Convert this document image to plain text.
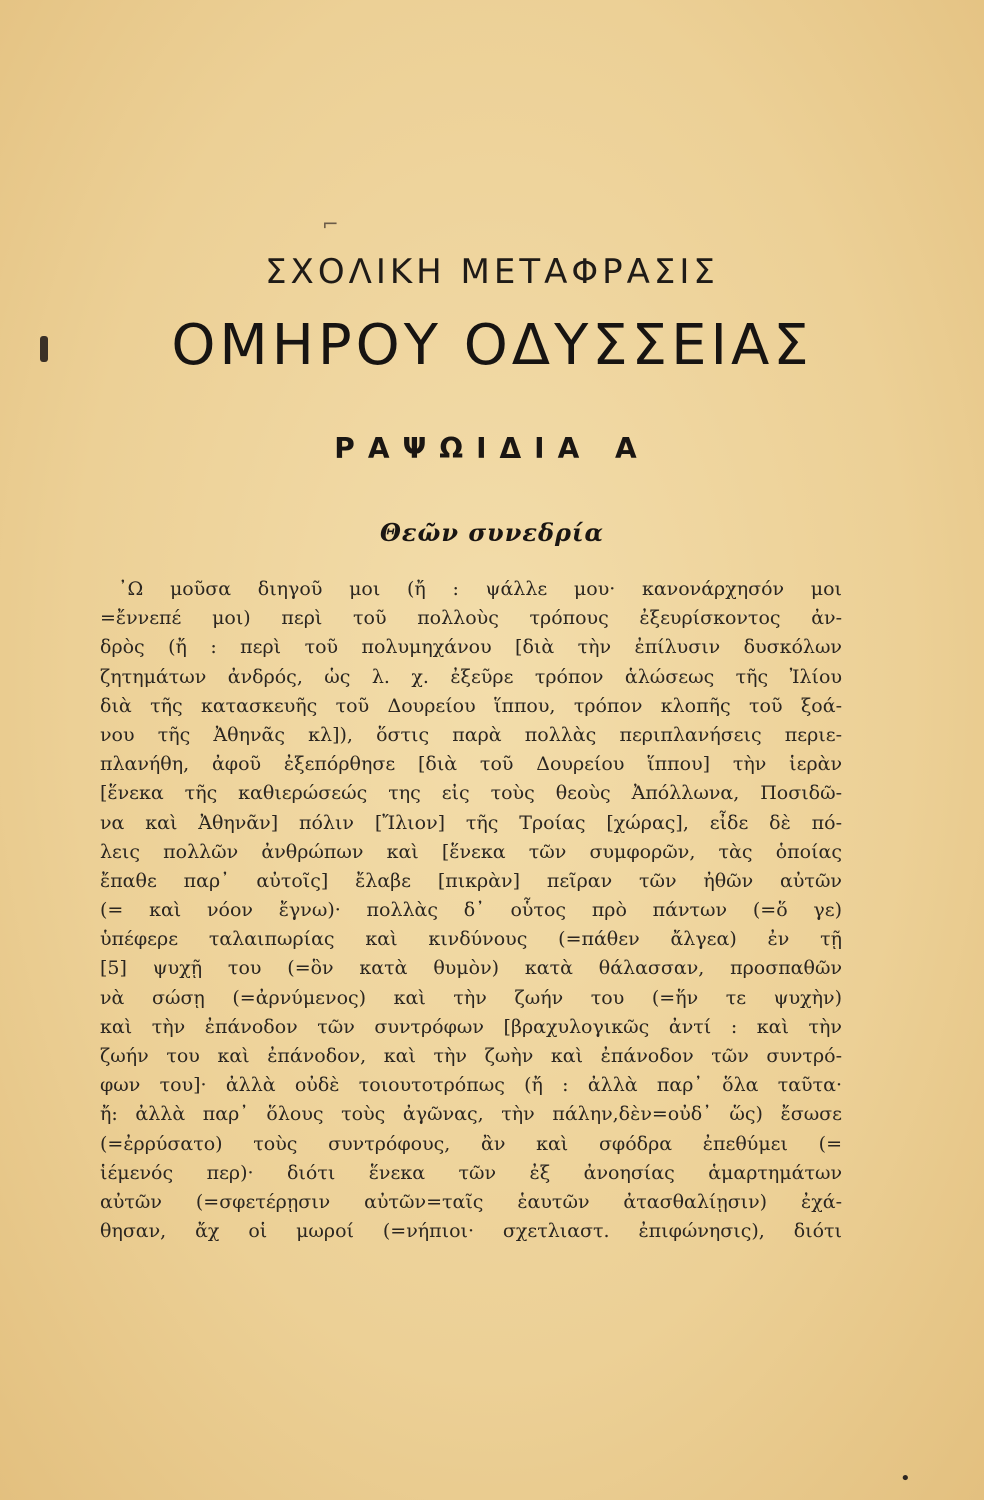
⌐
ΣΧΟΛΙΚΗ ΜΕΤΑΦΡΑΣΙΣ
ΟΜΗΡΟΥ ΟΔΥΣΣΕΙΑΣ
ΡΑΨΩΙΔΙΑ Α
Θεῶν συνεδρία
᾿Ω μοῦσα διηγοῦ μοι (ἤ : ψάλλε μου· κανονάρχησόν μοι
=ἔννεπέ μοι) περὶ τοῦ πολλοὺς τρόπους ἐξευρίσκοντος ἀν-
δρὸς (ἤ : περὶ τοῦ πολυμηχάνου [διὰ τὴν ἐπίλυσιν δυσκόλων
ζητημάτων ἀνδρός, ὡς λ. χ. ἐξεῦρε τρόπον ἁλώσεως τῆς Ἰλίου
διὰ τῆς κατασκευῆς τοῦ Δουρείου ἵππου, τρόπον κλοπῆς τοῦ ξοά-
νου τῆς Ἀθηνᾶς κλ]), ὅστις παρὰ πολλὰς περιπλανήσεις περιε-
πλανήθη, ἀφοῦ ἐξεπόρθησε [διὰ τοῦ Δουρείου ἵππου] τὴν ἱερὰν
[ἕνεκα τῆς καθιερώσεώς της εἰς τοὺς θεοὺς Ἀπόλλωνα, Ποσιδῶ-
να καὶ Ἀθηνᾶν] πόλιν [Ἴλιον] τῆς Τροίας [χώρας], εἶδε δὲ πό-
λεις πολλῶν ἀνθρώπων καὶ [ἕνεκα τῶν συμφορῶν, τὰς ὁποίας
ἔπαθε παρ᾿ αὐτοῖς] ἔλαβε [πικρὰν] πεῖραν τῶν ἠθῶν αὐτῶν
(= καὶ νόον ἔγνω)· πολλὰς δ᾿ οὗτος πρὸ πάντων (=ὅ γε)
ὑπέφερε ταλαιπωρίας καὶ κινδύνους (=πάθεν ἄλγεα) ἐν τῇ
[5] ψυχῇ του (=ὃν κατὰ θυμὸν) κατὰ θάλασσαν, προσπαθῶν
νὰ σώσῃ (=ἀρνύμενος) καὶ τὴν ζωήν του (=ἥν τε ψυχὴν)
καὶ τὴν ἐπάνοδον τῶν συντρόφων [βραχυλογικῶς ἀντί : καὶ τὴν
ζωήν του καὶ ἐπάνοδον, καὶ τὴν ζωὴν καὶ ἐπάνοδον τῶν συντρό-
φων του]· ἀλλὰ οὐδὲ τοιουτοτρόπως (ἤ : ἀλλὰ παρ᾿ ὅλα ταῦτα·
ἤ: ἀλλὰ παρ᾿ ὅλους τοὺς ἀγῶνας, τὴν πάλην,δὲν=οὐδ᾿ ὥς) ἔσωσε
(=ἐρρύσατο) τοὺς συντρόφους, ἂν καὶ σφόδρα ἐπεθύμει (=
ἱέμενός περ)· διότι ἕνεκα τῶν ἐξ ἀνοησίας ἁμαρτημάτων
αὐτῶν (=σφετέρῃσιν αὐτῶν=ταῖς ἑαυτῶν ἀτασθαλίῃσιν) ἐχά-
θησαν, ἄχ οἱ μωροί (=νήπιοι· σχετλιαστ. ἐπιφώνησις), διότι
•
